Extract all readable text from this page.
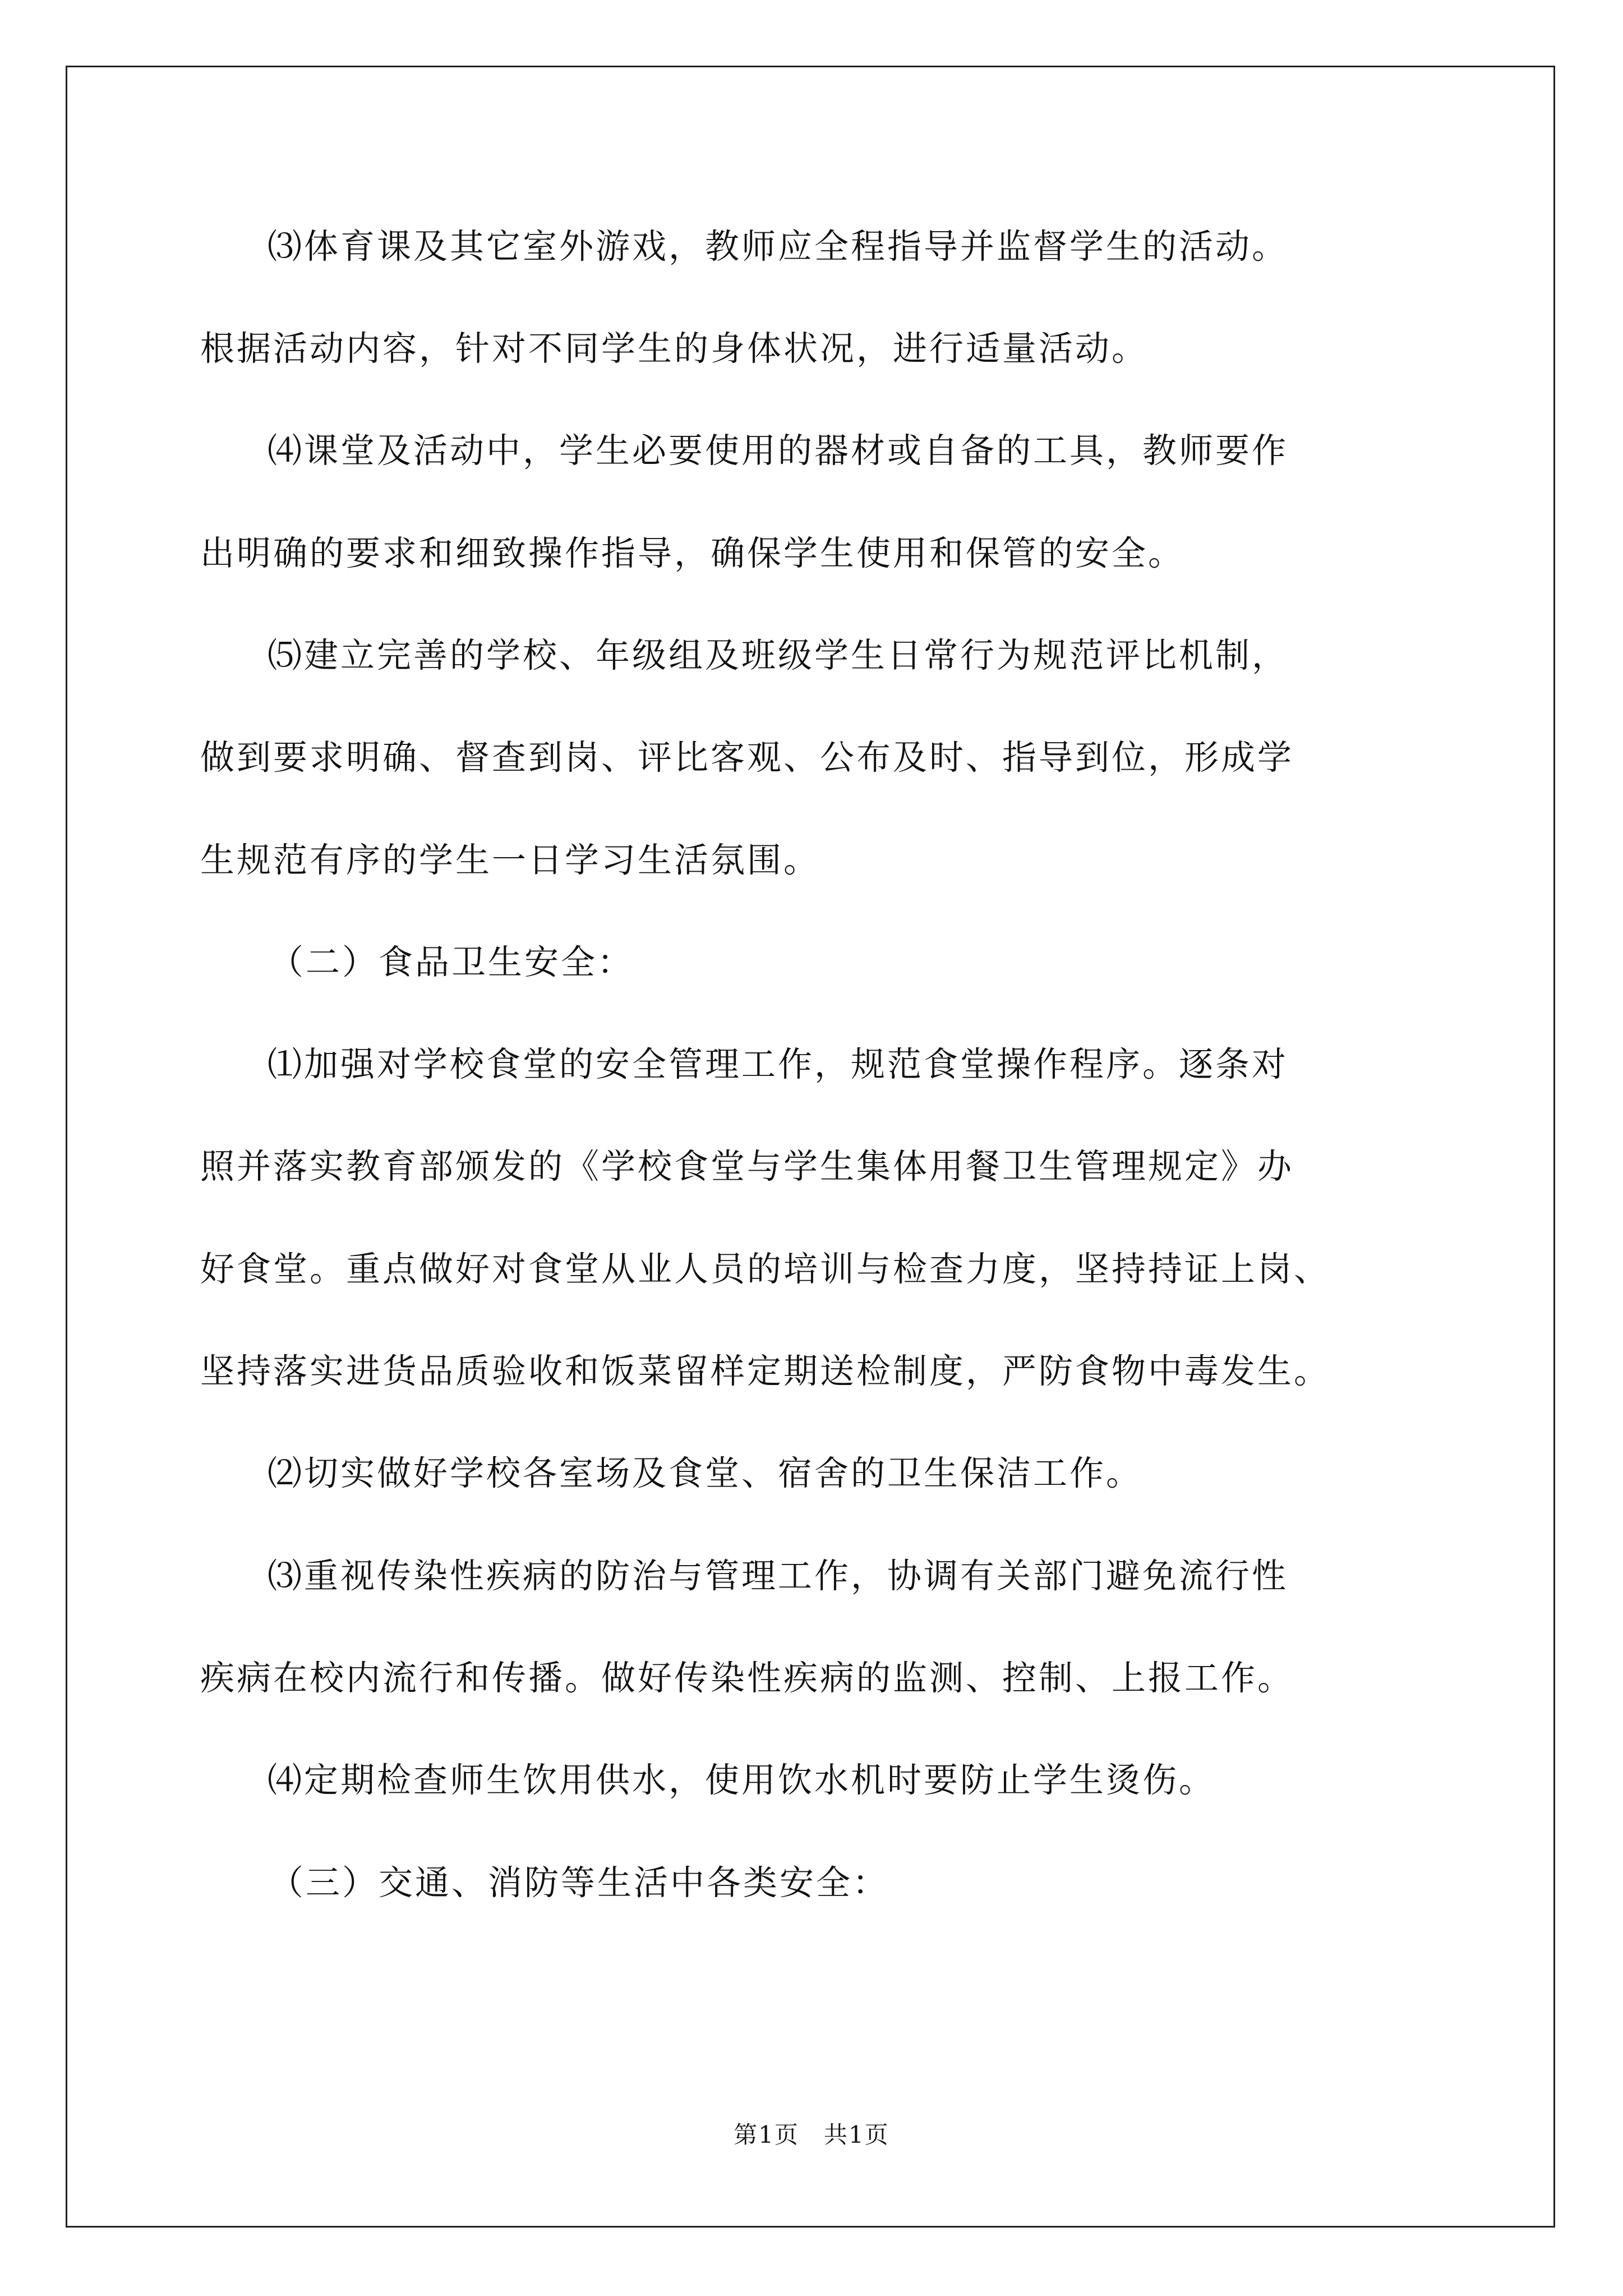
⑶体育课及其它室外游戏，教师应全程指导并监督学生的活动。
根据活动内容，针对不同学生的身体状况，进行适量活动。
⑷课堂及活动中，学生必要使用的器材或自备的工具，教师要作
出明确的要求和细致操作指导，确保学生使用和保管的安全。
⑸建立完善的学校、年级组及班级学生日常行为规范评比机制，
做到要求明确、督查到岗、评比客观、公布及时、指导到位，形成学
生规范有序的学生一日学习生活氛围。
（二）食品卫生安全：
⑴加强对学校食堂的安全管理工作，规范食堂操作程序。逐条对
照并落实教育部颁发的《学校食堂与学生集体用餐卫生管理规定》办
好食堂。重点做好对食堂从业人员的培训与检查力度，坚持持证上岗、
坚持落实进货品质验收和饭菜留样定期送检制度，严防食物中毒发生。
⑵切实做好学校各室场及食堂、宿舍的卫生保洁工作。
⑶重视传染性疾病的防治与管理工作，协调有关部门避免流行性
疾病在校内流行和传播。做好传染性疾病的监测、控制、上报工作。
⑷定期检查师生饮用供水，使用饮水机时要防止学生烫伤。
（三）交通、消防等生活中各类安全：
第1页　共1页
